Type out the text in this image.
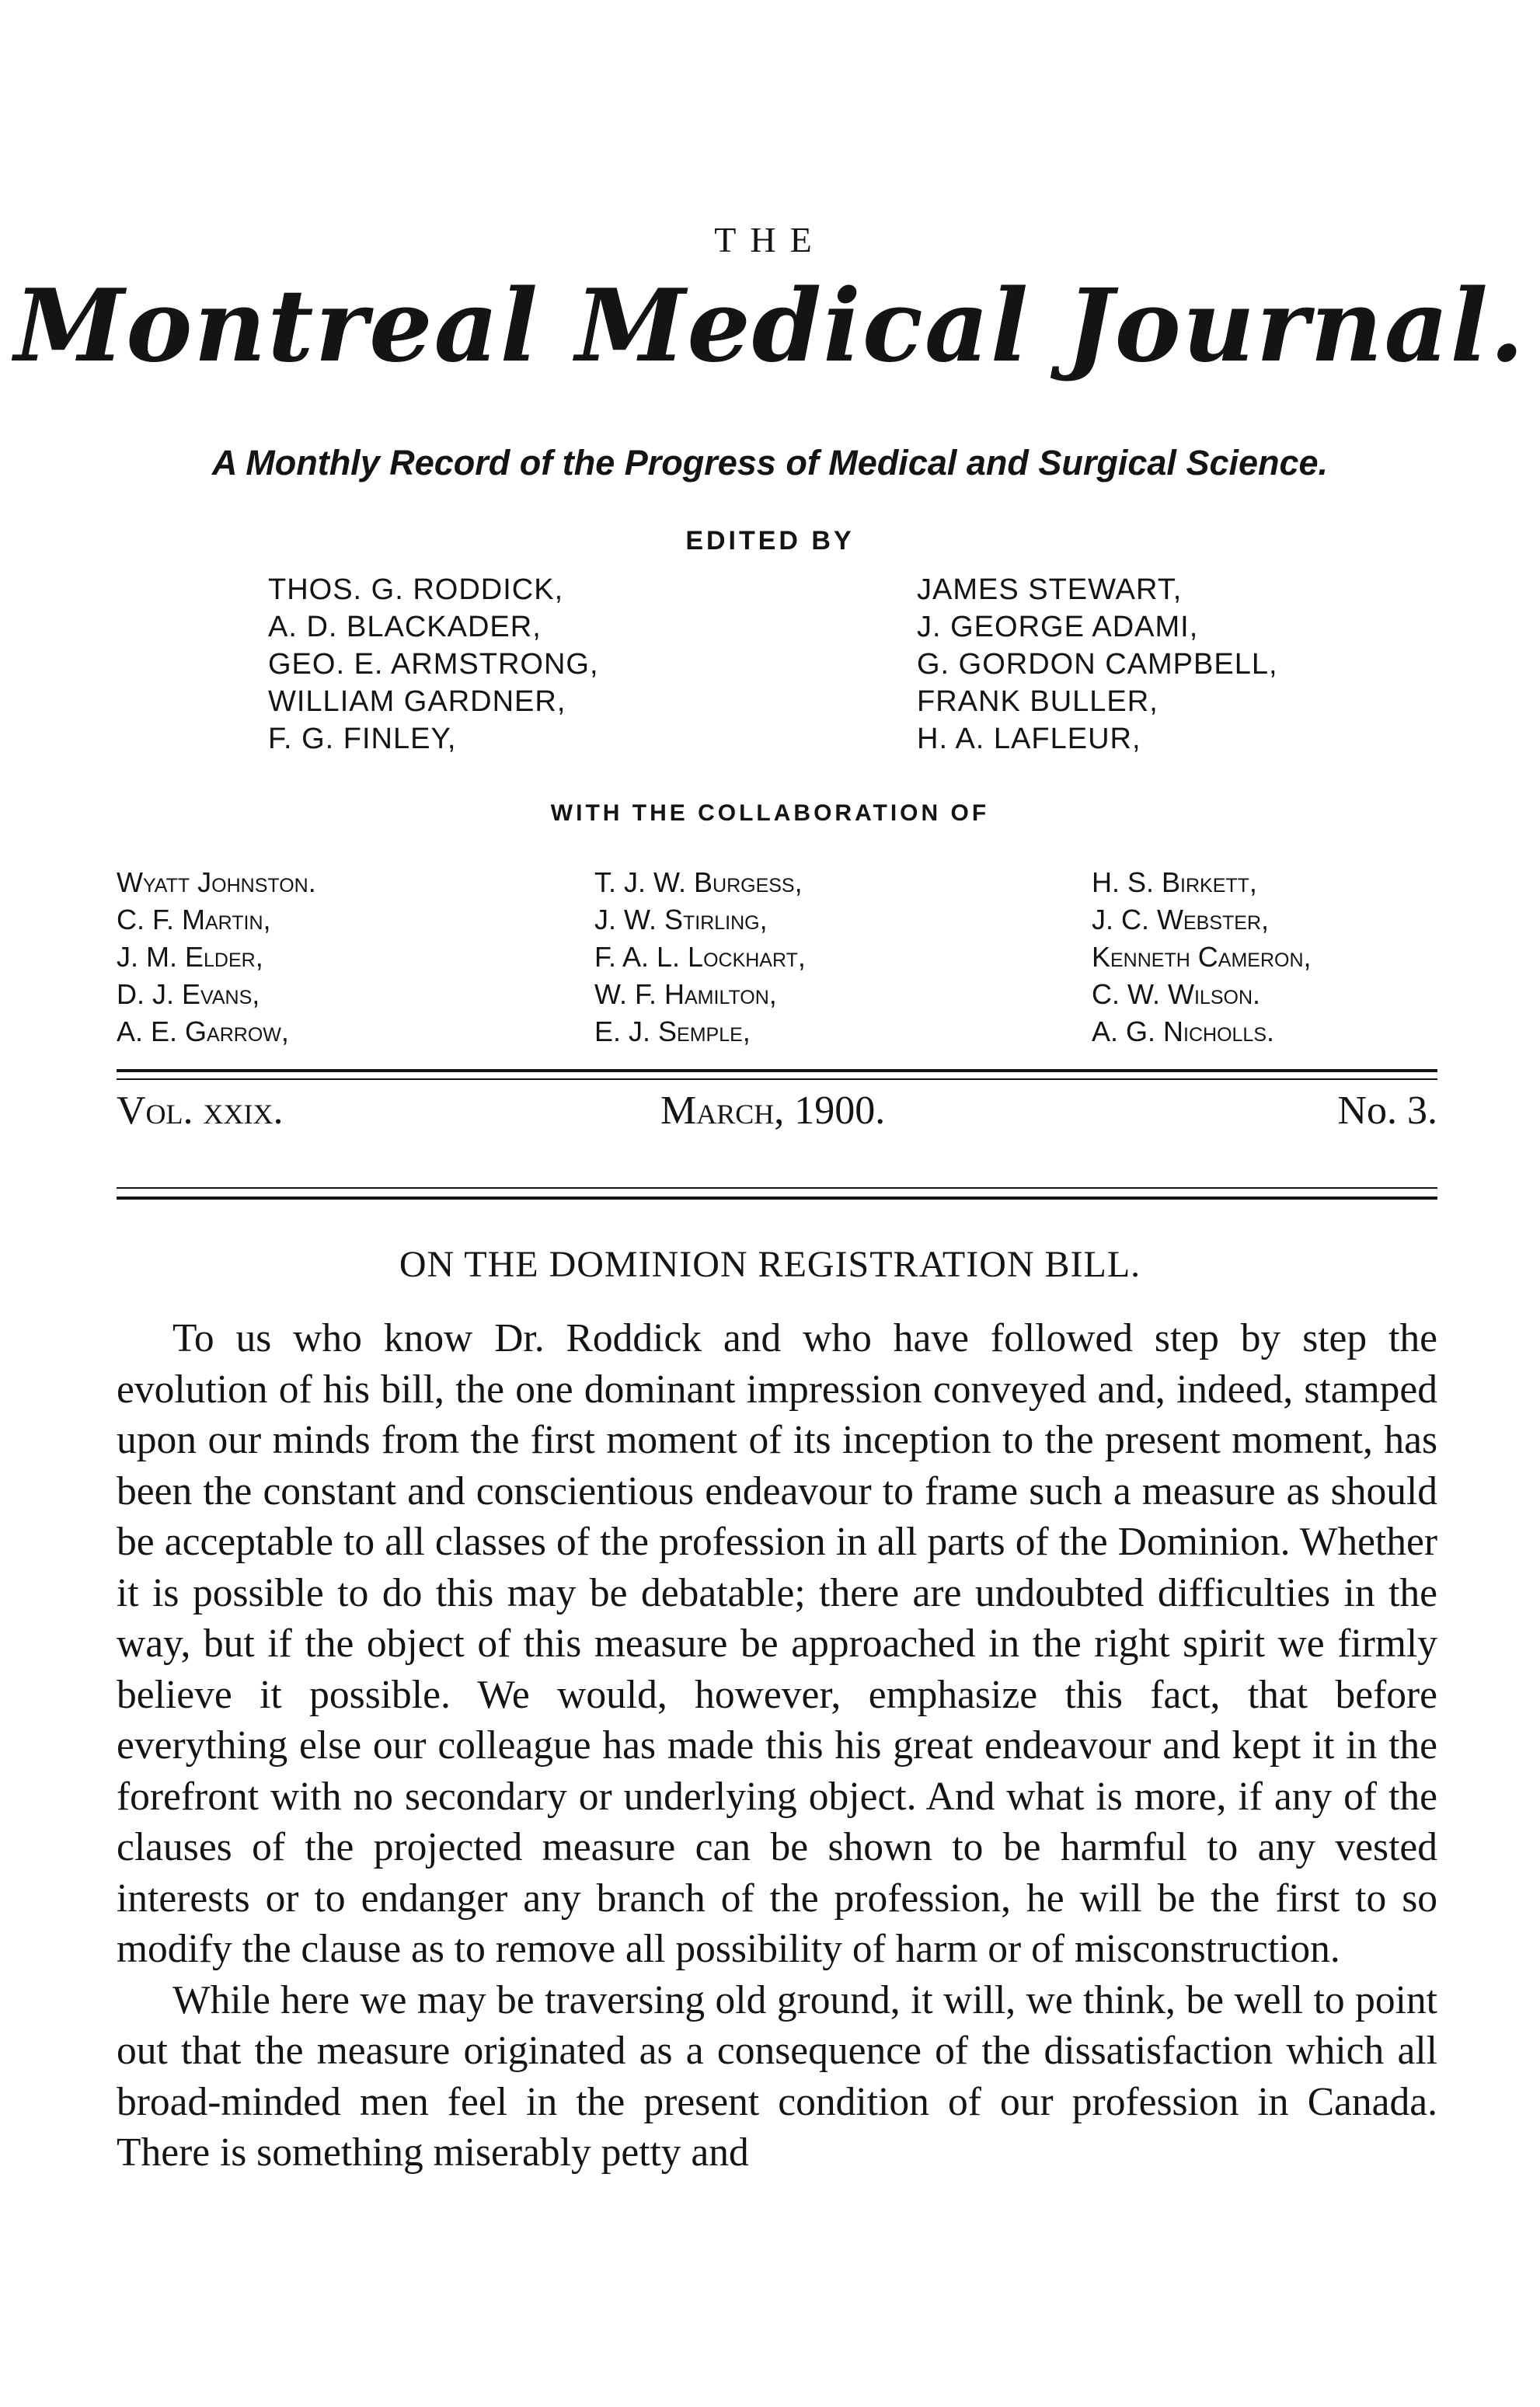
THE
Montreal Medical Journal.
A Monthly Record of the Progress of Medical and Surgical Science.
EDITED BY
THOS. G. RODDICK,
A. D. BLACKADER,
GEO. E. ARMSTRONG,
WILLIAM GARDNER,
F. G. FINLEY,
JAMES STEWART,
J. GEORGE ADAMI,
G. GORDON CAMPBELL,
FRANK BULLER,
H. A. LAFLEUR,
WITH THE COLLABORATION OF
Wyatt Johnston.
C. F. Martin,
J. M. Elder,
D. J. Evans,
A. E. Garrow,
T. J. W. Burgess,
J. W. Stirling,
F. A. L. Lockhart,
W. F. Hamilton,
E. J. Semple,
H. S. Birkett,
J. C. Webster,
Kenneth Cameron,
C. W. Wilson.
A. G. Nicholls.
Vol. xxix.	March, 1900.	No. 3.
ON THE DOMINION REGISTRATION BILL.

To us who know Dr. Roddick and who have followed step by step the evolution of his bill, the one dominant impression conveyed and, indeed, stamped upon our minds from the first moment of its inception to the present moment, has been the constant and conscientious endeavour to frame such a measure as should be acceptable to all classes of the profession in all parts of the Dominion. Whether it is possible to do this may be debatable; there are undoubted difficulties in the way, but if the object of this measure be approached in the right spirit we firmly believe it possible. We would, however, emphasize this fact, that before everything else our colleague has made this his great endeavour and kept it in the forefront with no secondary or underlying object. And what is more, if any of the clauses of the projected measure can be shown to be harmful to any vested interests or to endanger any branch of the profession, he will be the first to so modify the clause as to remove all possibility of harm or of misconstruction.

While here we may be traversing old ground, it will, we think, be well to point out that the measure originated as a consequence of the dissatisfaction which all broad-minded men feel in the present condition of our profession in Canada. There is something miserably petty and
